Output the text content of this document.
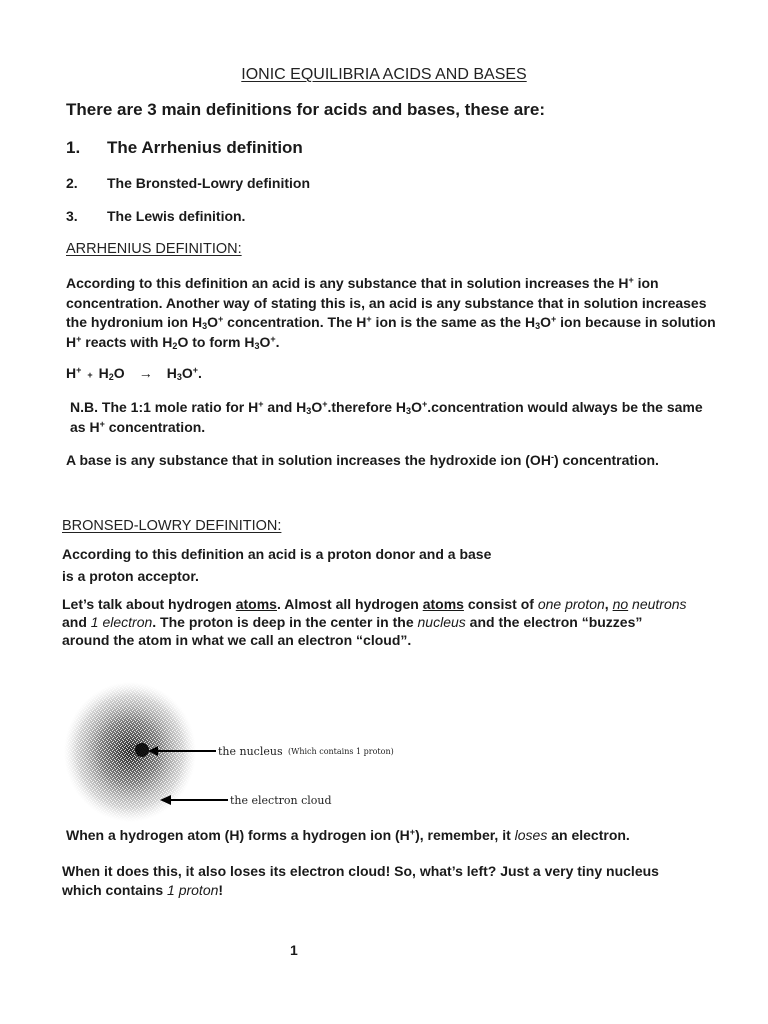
IONIC EQUILIBRIA ACIDS AND BASES
There are 3 main definitions for acids and bases, these are:
1. The Arrhenius definition
2. The Bronsted-Lowry definition
3. The Lewis definition.
ARRHENIUS DEFINITION:
According to this definition an acid is any substance that in solution increases the H+ ion concentration. Another way of stating this is, an acid is any substance that in solution increases the hydronium ion $H_3O^+$ concentration. The H+ ion is the same as the $H_3O^+$ ion because in solution H+ reacts with $H_2O$ to form $H_3O^+$.
$H^+ + H_2O \to H_3O^+$.
N.B. The 1:1 mole ratio for H+ and $H_3O^+.therefore$ $H_3O^+.concentration$ would always be the same as H+ concentration.
A base is any substance that in solution increases the hydroxide ion (OH-) concentration.
BRONSED-LOWRY DEFINITION:
According to this definition an acid is a proton donor and a base
is a proton acceptor.
Let’s talk about hydrogen atoms. Almost all hydrogen atoms consist of one proton, no neutrons and 1 electron. The proton is deep in the center in the nucleus and the electron “buzzes” around the atom in what we call an electron “cloud”.
the nucleus (Which contains 1 proton)
the electron cloud
When a hydrogen atom (H) forms a hydrogen ion (H+), remember, it loses an electron.
When it does this, it also loses its electron cloud! So, what’s left? Just a very tiny nucleus which contains 1 proton!
1
